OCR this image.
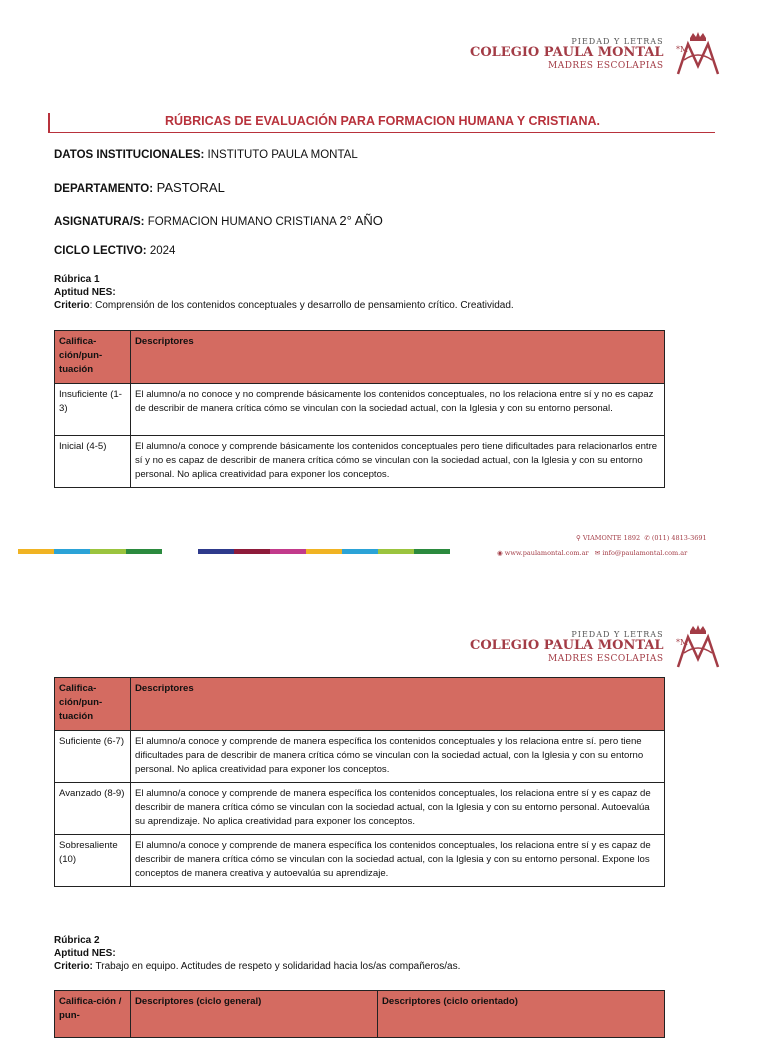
PIEDAD Y LETRAS
COLEGIO PAULA MONTAL
MADRES ESCOLAPIAS
*M
RÚBRICAS DE EVALUACIÓN PARA FORMACION HUMANA Y CRISTIANA.
DATOS INSTITUCIONALES: INSTITUTO PAULA MONTAL
DEPARTAMENTO: PASTORAL
ASIGNATURA/S: FORMACION HUMANO CRISTIANA 2° AÑO
CICLO LECTIVO: 2024
Rúbrica 1
Aptitud NES:
Criterio: Comprensión de los contenidos conceptuales y desarrollo de pensamiento crítico. Creatividad.
Califica-ción/pun-tuación	Descriptores
Insuficiente (1-3)	El alumno/a no conoce y no comprende básicamente los contenidos conceptuales, no los relaciona entre sí y no es capaz de describir de manera crítica cómo se vinculan con la sociedad actual, con la Iglesia y con su entorno personal.
Inicial (4-5)	El alumno/a conoce y comprende básicamente los contenidos conceptuales pero tiene dificultades para relacionarlos entre sí y no es capaz de describir de manera crítica cómo se vinculan con la sociedad actual, con la Iglesia y con su entorno personal. No aplica creatividad para exponer los conceptos.
⚲ VIAMONTE 1892 ✆ (011) 4813-3691
◉ www.paulamontal.com.ar ✉ info@paulamontal.com.ar
PIEDAD Y LETRAS
COLEGIO PAULA MONTAL
MADRES ESCOLAPIAS
*M
Califica-ción/pun-tuación	Descriptores
Suficiente (6-7)	El alumno/a conoce y comprende de manera específica los contenidos conceptuales y los relaciona entre sí. pero tiene dificultades para de describir de manera crítica cómo se vinculan con la sociedad actual, con la Iglesia y con su entorno personal. No aplica creatividad para exponer los conceptos.
Avanzado (8-9)	El alumno/a conoce y comprende de manera específica los contenidos conceptuales, los relaciona entre sí y es capaz de describir de manera crítica cómo se vinculan con la sociedad actual, con la Iglesia y con su entorno personal. Autoevalúa su aprendizaje. No aplica creatividad para exponer los conceptos.
Sobresaliente (10)	El alumno/a conoce y comprende de manera específica los contenidos conceptuales, los relaciona entre sí y es capaz de describir de manera crítica cómo se vinculan con la sociedad actual, con la Iglesia y con su entorno personal. Expone los conceptos de manera creativa y autoevalúa su aprendizaje.
Rúbrica 2
Aptitud NES:
Criterio: Trabajo en equipo. Actitudes de respeto y solidaridad hacia los/as compañeros/as.
Califica-ción / pun-	Descriptores (ciclo general)	Descriptores (ciclo orientado)
